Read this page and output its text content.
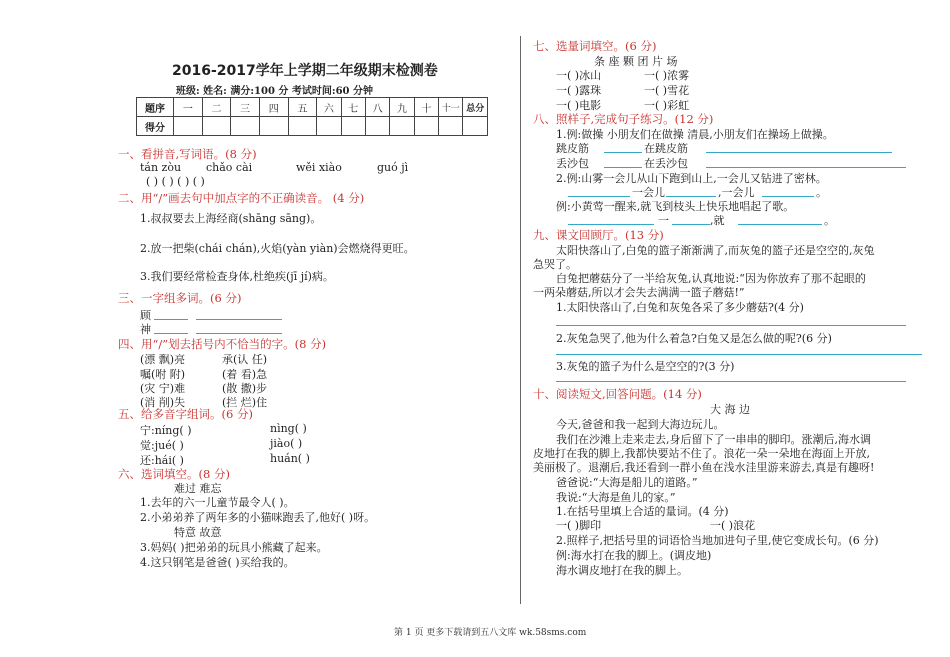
2016-2017学年上学期二年级期末检测卷
班级: 姓名: 满分:100 分 考试时间:60 分钟
题序	一	二	三	四	五	六	七	八	九	十	十一	总分
得分												
一、看拼音,写词语。(8 分)
tán zòu chǎo cài	wěi xiào	guó jì
( ) ( ) ( ) ( )
二、用“/”画去句中加点字的不正确读音。 (4 分)
1.叔叔要去上海经商(shāng sāng)。
2.放一把柴(chái chán),火焰(yàn yiàn)会燃烧得更旺。
3.我们要经常检查身体,杜绝疾(jī jí)病。
三、一字组多词。(6 分)
顾
神
四、用“/”划去括号内不恰当的字。(8 分)
(漂 飘)亮	承(认 任)
嘱(咐 附)	(着 看)急
(灾 宁)难	(散 撒)步
(消 削)失	(拦 烂)住
五、给多音字组词。(6 分)
宁:níng( )	nìng( )
觉:jué( )	jiào( )
还:hái( )	huán( )
六、选词填空。(8 分)
难过 难忘
1.去年的六一儿童节最令人( )。
2.小弟弟养了两年多的小猫咪跑丢了,他好( )呀。
特意 故意
3.妈妈( )把弟弟的玩具小熊藏了起来。
4.这只钢笔是爸爸( )买给我的。
七、选量词填空。(6 分)
条 座 颗 团 片 场
一( )冰山	一( )浓雾
一( )露珠	一( )雪花
一( )电影	一( )彩虹
八、照样子,完成句子练习。(12 分)
1.例:做操 小朋友们在做操 清晨,小朋友们在操场上做操。
跳皮筋	在跳皮筋
丢沙包	在丢沙包
2.例:山雾一会儿从山下跑到山上,一会儿又钻进了密林。
一会儿	,一会儿	。
例:小黄莺一醒来,就飞到枝头上快乐地唱起了歌。
一	,就	。
九、课文回顾厅。(13 分)
太阳快落山了,白兔的篮子渐渐满了,而灰兔的篮子还是空空的,灰兔
急哭了。
白兔把蘑菇分了一半给灰兔,认真地说:“因为你放弃了那不起眼的
一两朵蘑菇,所以才会失去满满一篮子蘑菇!”
1.太阳快落山了,白兔和灰兔各采了多少蘑菇?(4 分)
2.灰兔急哭了,他为什么着急?白兔又是怎么做的呢?(6 分)
3.灰兔的篮子为什么是空空的?(3 分)
十、阅读短文,回答问题。(14 分)
大 海 边
今天,爸爸和我一起到大海边玩儿。
我们在沙滩上走来走去,身后留下了一串串的脚印。涨潮后,海水调
皮地打在我的脚上,我都快要站不住了。浪花一朵一朵地在海面上开放,
美丽极了。退潮后,我还看到一群小鱼在浅水洼里游来游去,真是有趣呀!
爸爸说:“大海是船儿的道路。”
我说:“大海是鱼儿的家。”
1.在括号里填上合适的量词。(4 分)
一( )脚印	一( )浪花
2.照样子,把括号里的词语恰当地加进句子里,使它变成长句。(6 分)
例:海水打在我的脚上。(调皮地)
海水调皮地打在我的脚上。
第 1 页 更多下载请到五八文库 wk.58sms.com
